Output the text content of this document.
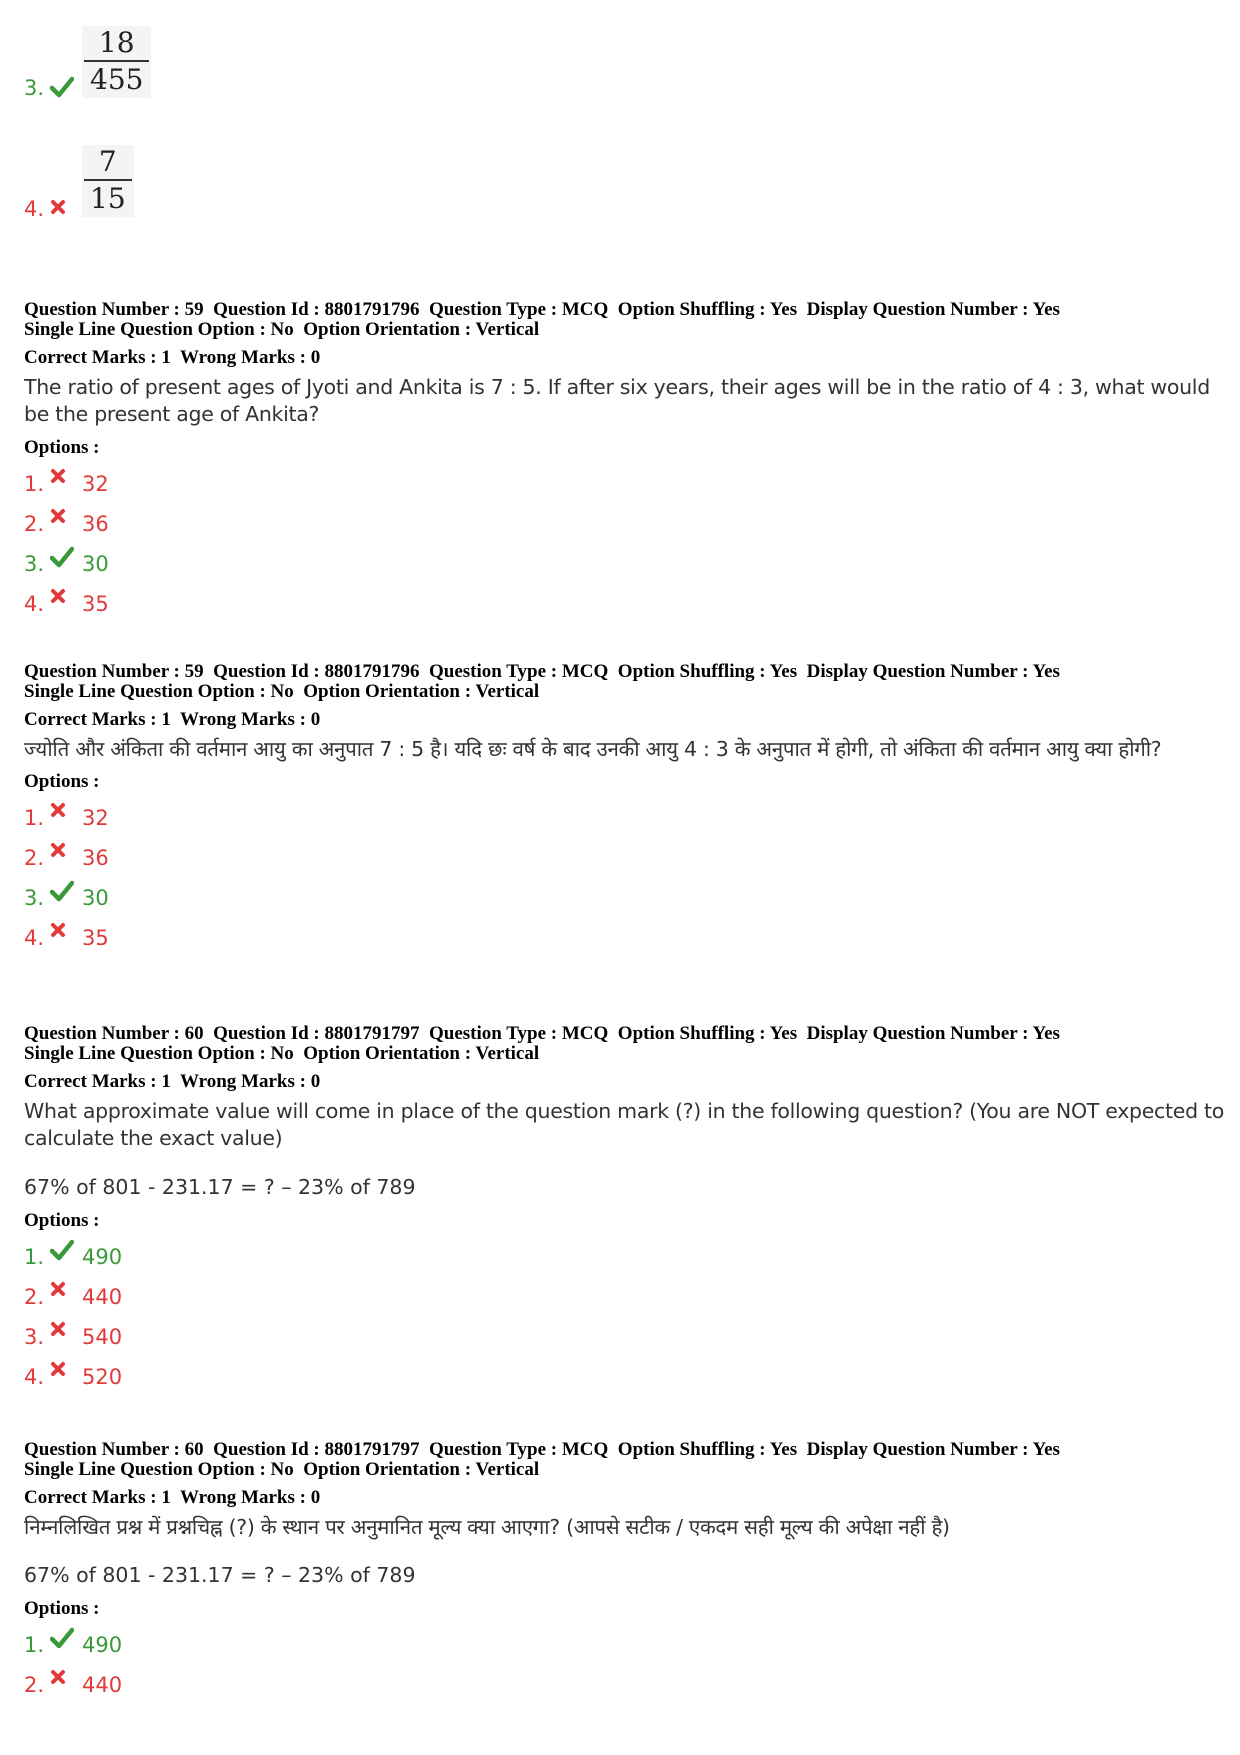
3.
18
455
4.
7
15
Question Number : 59  Question Id : 8801791796  Question Type : MCQ  Option Shuffling : Yes  Display Question Number : Yes
Single Line Question Option : No  Option Orientation : Vertical
Correct Marks : 1  Wrong Marks : 0
The ratio of present ages of Jyoti and Ankita is 7 : 5. If after six years, their ages will be in the ratio of 4 : 3, what would be the present age of Ankita?
Options :
1. 32
2. 36
3. 30
4. 35
Question Number : 59  Question Id : 8801791796  Question Type : MCQ  Option Shuffling : Yes  Display Question Number : Yes
Single Line Question Option : No  Option Orientation : Vertical
Correct Marks : 1  Wrong Marks : 0
ज्योति और अंकिता की वर्तमान आयु का अनुपात 7 : 5 है। यदि छः वर्ष के बाद उनकी आयु 4 : 3 के अनुपात में होगी, तो अंकिता की वर्तमान आयु क्या होगी?
Options :
1. 32
2. 36
3. 30
4. 35
Question Number : 60  Question Id : 8801791797  Question Type : MCQ  Option Shuffling : Yes  Display Question Number : Yes
Single Line Question Option : No  Option Orientation : Vertical
Correct Marks : 1  Wrong Marks : 0
What approximate value will come in place of the question mark (?) in the following question? (You are NOT expected to calculate the exact value)
67% of 801 - 231.17 = ? – 23% of 789
Options :
1. 490
2. 440
3. 540
4. 520
Question Number : 60  Question Id : 8801791797  Question Type : MCQ  Option Shuffling : Yes  Display Question Number : Yes
Single Line Question Option : No  Option Orientation : Vertical
Correct Marks : 1  Wrong Marks : 0
निम्नलिखित प्रश्न में प्रश्नचिह्न (?) के स्थान पर अनुमानित मूल्य क्या आएगा? (आपसे सटीक / एकदम सही मूल्य की अपेक्षा नहीं है)
67% of 801 - 231.17 = ? – 23% of 789
Options :
1. 490
2. 440
